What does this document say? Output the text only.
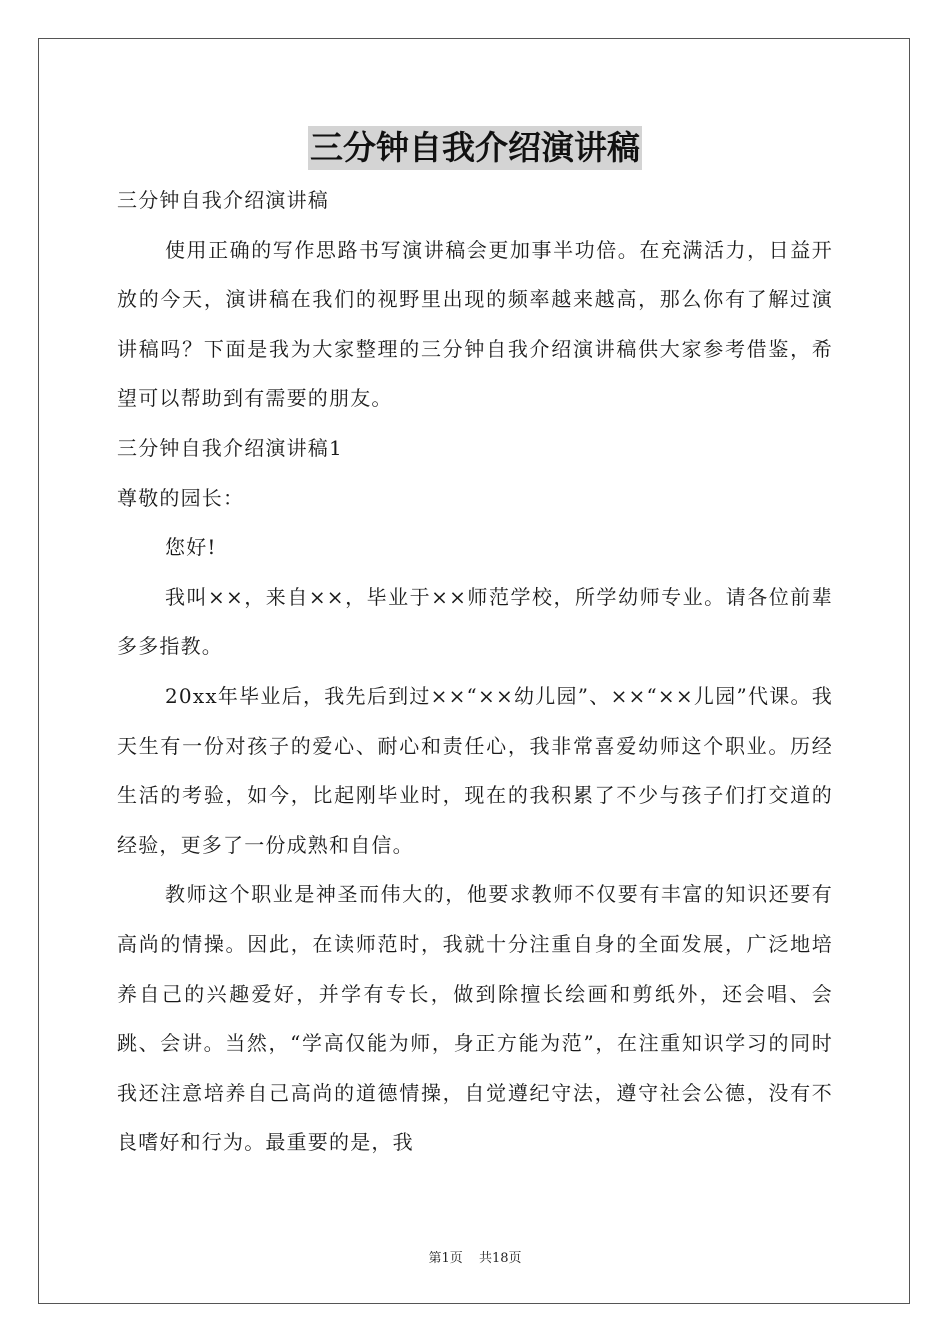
三分钟自我介绍演讲稿

三分钟自我介绍演讲稿

使用正确的写作思路书写演讲稿会更加事半功倍。在充满活力，日益开放的今天，演讲稿在我们的视野里出现的频率越来越高，那么你有了解过演讲稿吗？下面是我为大家整理的三分钟自我介绍演讲稿供大家参考借鉴，希望可以帮助到有需要的朋友。

三分钟自我介绍演讲稿1

尊敬的园长：

您好!

我叫××，来自××，毕业于××师范学校，所学幼师专业。请各位前辈多多指教。

20xx年毕业后，我先后到过××“××幼儿园”、××“××儿园”代课。我天生有一份对孩子的爱心、耐心和责任心，我非常喜爱幼师这个职业。历经生活的考验，如今，比起刚毕业时，现在的我积累了不少与孩子们打交道的经验，更多了一份成熟和自信。

教师这个职业是神圣而伟大的，他要求教师不仅要有丰富的知识还要有高尚的情操。因此，在读师范时，我就十分注重自身的全面发展，广泛地培养自己的兴趣爱好，并学有专长，做到除擅长绘画和剪纸外，还会唱、会跳、会讲。当然，“学高仅能为师，身正方能为范”，在注重知识学习的同时我还注意培养自己高尚的道德情操，自觉遵纪守法，遵守社会公德，没有不良嗜好和行为。最重要的是，我

第1页 共18页
